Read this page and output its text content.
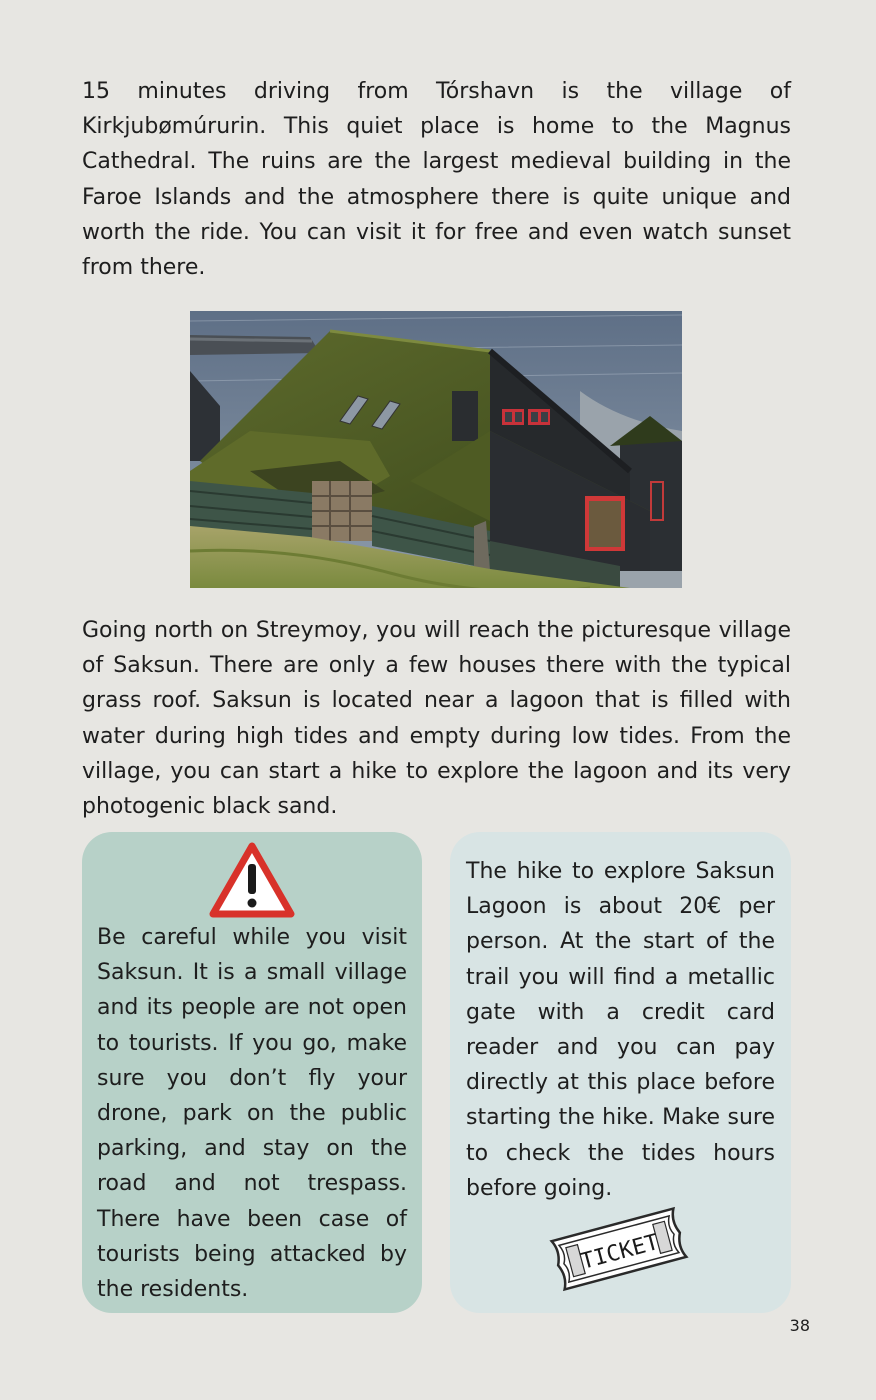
15 minutes driving from Tórshavn is the village of Kirkjubømúrurin. This quiet place is home to the Magnus Cathedral. The ruins are the largest medieval building in the Faroe Islands and the atmosphere there is quite unique and worth the ride. You can visit it for free and even watch sunset from there.

Going north on Streymoy, you will reach the picturesque village of Saksun. There are only a few houses there with the typical grass roof. Saksun is located near a lagoon that is filled with water during high tides and empty during low tides. From the village, you can start a hike to explore the lagoon and its very photogenic black sand.

Be careful while you visit Saksun. It is a small village and its people are not open to tourists. If you go, make sure you don’t fly your drone, park on the public parking, and stay on the road and not trespass. There have been case of tourists being attacked by the residents.

The hike to explore Saksun Lagoon is about 20€ per person. At the start of the trail you will find a metallic gate with a credit card reader and you can pay directly at this place before starting the hike. Make sure to check the tides hours before going.

TICKET
38
